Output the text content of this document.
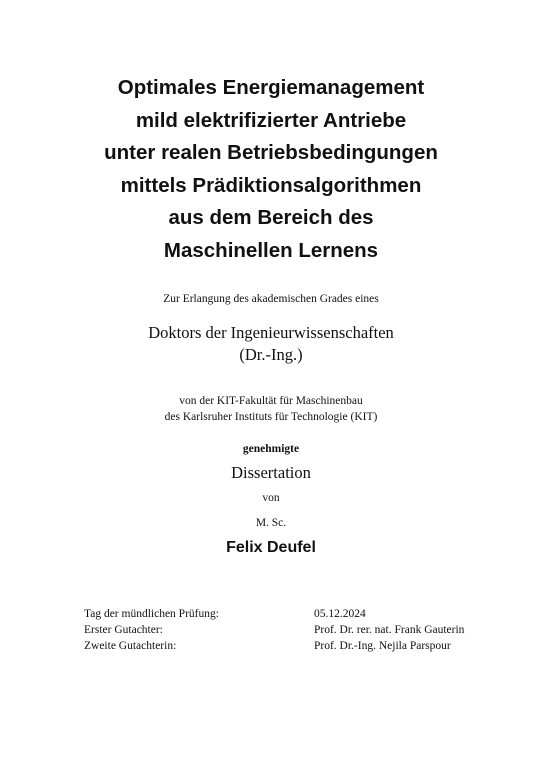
Optimales Energiemanagement
mild elektrifizierter Antriebe
unter realen Betriebsbedingungen
mittels Prädiktionsalgorithmen
aus dem Bereich des
Maschinellen Lernens
Zur Erlangung des akademischen Grades eines
Doktors der Ingenieurwissenschaften
(Dr.-Ing.)
von der KIT-Fakultät für Maschinenbau
des Karlsruher Instituts für Technologie (KIT)
genehmigte
Dissertation
von
M. Sc.
Felix Deufel
Tag der mündlichen Prüfung:	05.12.2024
Erster Gutachter:	Prof. Dr. rer. nat. Frank Gauterin
Zweite Gutachterin:	Prof. Dr.-Ing. Nejila Parspour
